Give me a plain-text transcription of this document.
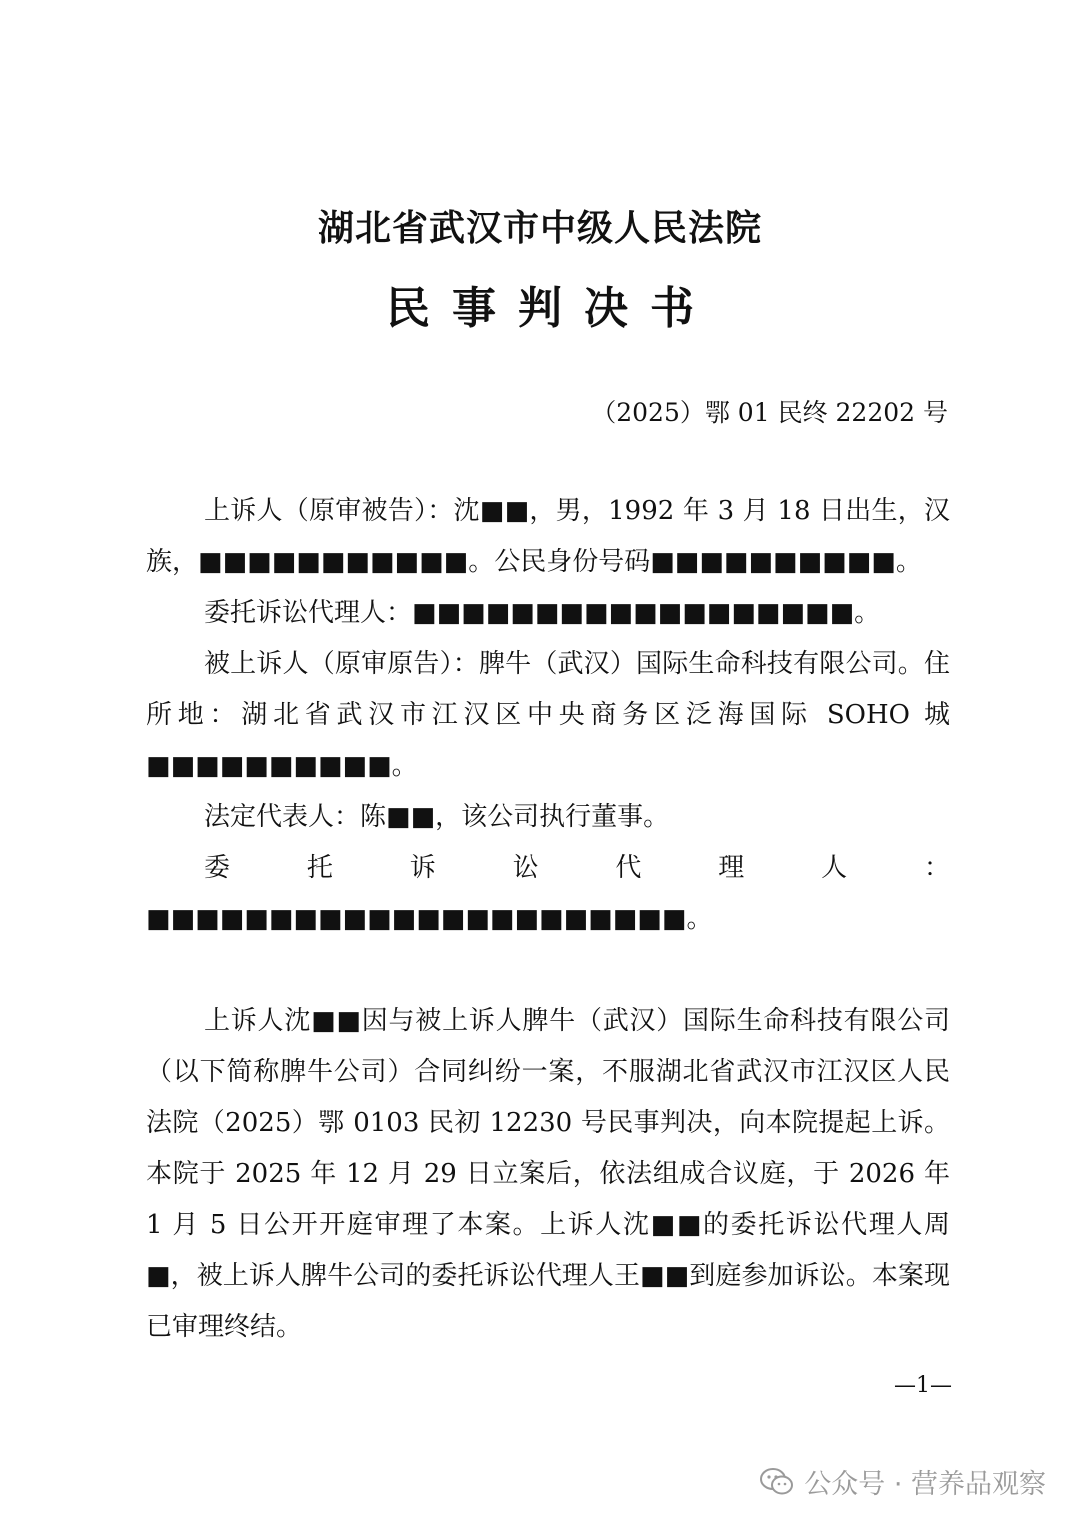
湖北省武汉市中级人民法院
民事判决书
（2025）鄂 01 民终 22202 号

上诉人（原审被告）：沈■■，男，1992 年 3 月 18 日出生，汉族，■■■■■■■■■■■。公民身份号码■■■■■■■■■■。

委托诉讼代理人：■■■■■■■■■■■■■■■■■■。

被上诉人（原审原告）：脾牛（武汉）国际生命科技有限公司。住所地：湖北省武汉市江汉区中央商务区泛海国际 SOHO 城■■■■■■■■■■。

法定代表人：陈■■，该公司执行董事。

委托诉讼代理人：■■■■■■■■■■■■■■■■■■■■■■。

上诉人沈■■因与被上诉人脾牛（武汉）国际生命科技有限公司（以下简称脾牛公司）合同纠纷一案，不服湖北省武汉市江汉区人民法院（2025）鄂 0103 民初 12230 号民事判决，向本院提起上诉。本院于 2025 年 12 月 29 日立案后，依法组成合议庭，于 2026 年 1 月 5 日公开开庭审理了本案。上诉人沈■■的委托诉讼代理人周■，被上诉人脾牛公司的委托诉讼代理人王■■到庭参加诉讼。本案现已审理终结。

—1—
公众号 · 营养品观察
